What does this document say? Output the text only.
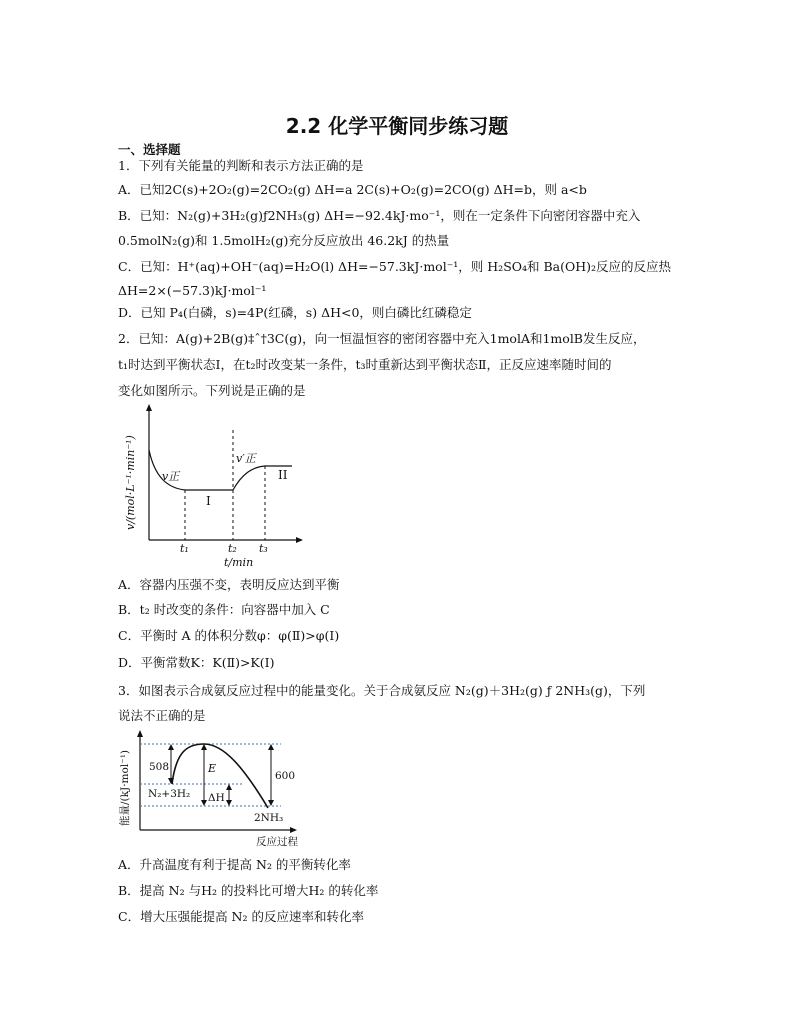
2.2 化学平衡同步练习题
一、选择题
1．下列有关能量的判断和表示方法正确的是
A．已知2C(s)+2O₂(g)=2CO₂(g) ΔH=a 2C(s)+O₂(g)=2CO(g) ΔH=b，则 a<b
B．已知：N₂(g)+3H₂(g)ƒ2NH₃(g) ΔH=−92.4kJ·mo⁻¹，则在一定条件下向密闭容器中充入
0.5molN₂(g)和 1.5molH₂(g)充分反应放出 46.2kJ 的热量
C．已知：H⁺(aq)+OH⁻(aq)=H₂O(l) ΔH=−57.3kJ·mol⁻¹，则 H₂SO₄和 Ba(OH)₂反应的反应热
ΔH=2×(−57.3)kJ·mol⁻¹
D．已知 P₄(白磷，s)=4P(红磷，s) ΔH<0，则白磷比红磷稳定
2．已知：A(g)+2B(g)‡ˆ†3C(g)，向一恒温恒容的密闭容器中充入1molA和1molB发生反应，
t₁时达到平衡状态Ⅰ，在t₂时改变某一条件，t₃时重新达到平衡状态Ⅱ，正反应速率随时间的
变化如图所示。下列说是正确的是
v/(mol·L⁻¹·min⁻¹)
t₁	t₂ t₃
t/min
v正
v′正
I
II
A．容器内压强不变，表明反应达到平衡
B．t₂ 时改变的条件：向容器中加入 C
C．平衡时 A 的体积分数φ：φ(Ⅱ)>φ(Ⅰ)
D．平衡常数K：K(Ⅱ)>K(Ⅰ)
3．如图表示合成氨反应过程中的能量变化。关于合成氨反应 N₂(g)＋3H₂(g) ƒ 2NH₃(g)，下列
说法不正确的是
能量/(kJ·mol⁻¹) 508	E
600
N₂+3H₂ ΔH
2NH₃
反应过程
A．升高温度有利于提高 N₂ 的平衡转化率
B．提高 N₂ 与H₂ 的投料比可增大H₂ 的转化率
C．增大压强能提高 N₂ 的反应速率和转化率
